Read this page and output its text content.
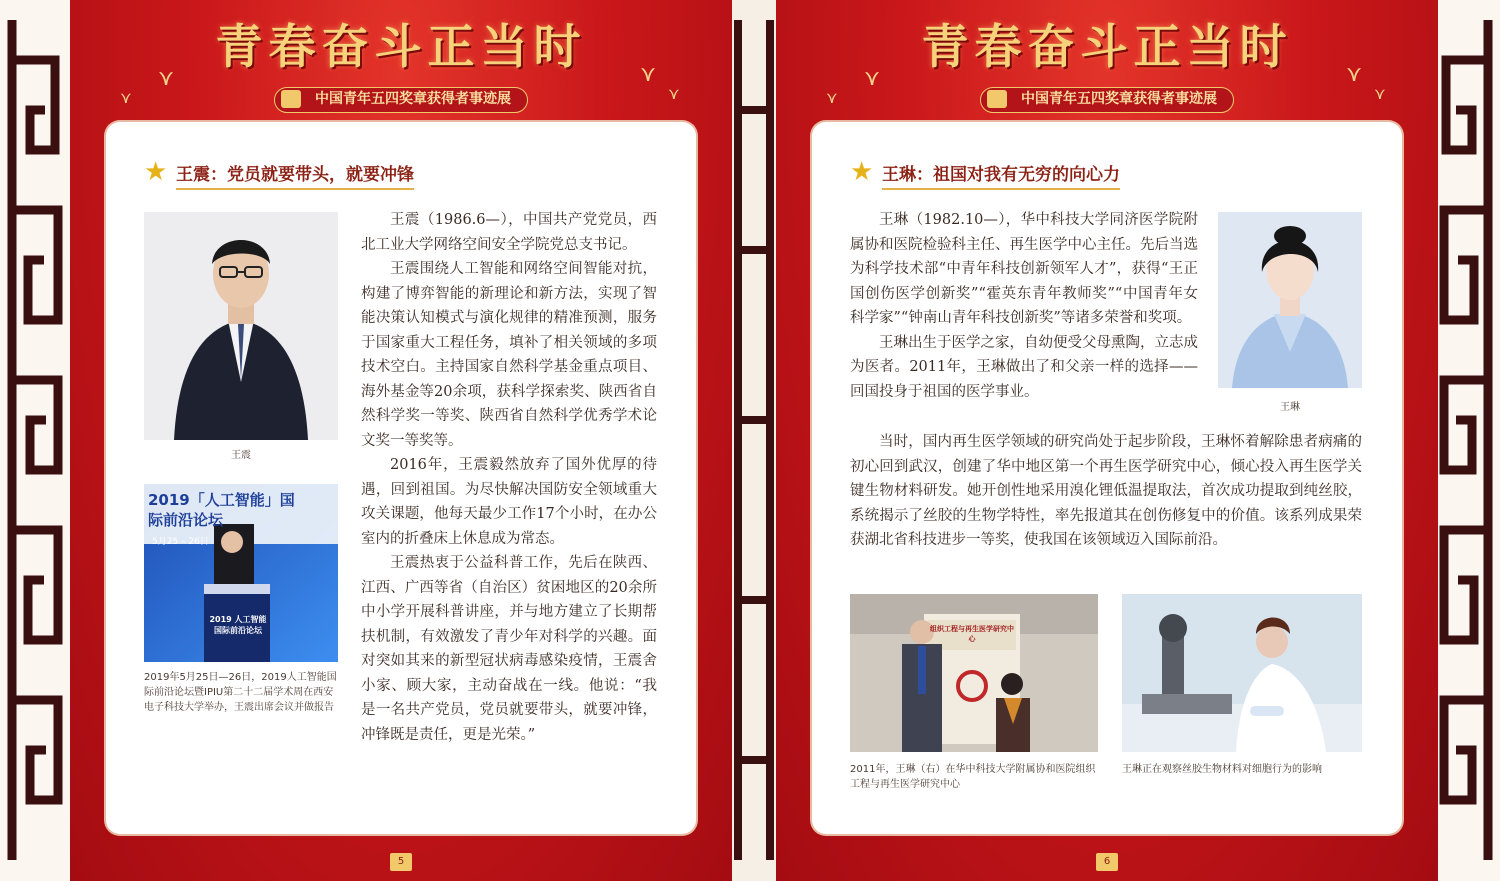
青春奋斗正当时
⋎
⋎
⋎
⋎
中国青年五四奖章获得者事迹展
★ 王震：党员就要带头，就要冲锋
王震
2019「人工智能」国际前沿论坛
5月25 – 26日
2019 人工智能 国际前沿论坛
2019年5月25日—26日，2019人工智能国际前沿论坛暨IPIU第二十二届学术周在西安电子科技大学举办，王震出席会议并做报告

王震（1986.6—），中国共产党党员，西北工业大学网络空间安全学院党总支书记。

王震围绕人工智能和网络空间智能对抗，构建了博弈智能的新理论和新方法，实现了智能决策认知模式与演化规律的精准预测，服务于国家重大工程任务，填补了相关领域的多项技术空白。主持国家自然科学基金重点项目、海外基金等20余项，获科学探索奖、陕西省自然科学奖一等奖、陕西省自然科学优秀学术论文奖一等奖等。

2016年，王震毅然放弃了国外优厚的待遇，回到祖国。为尽快解决国防安全领域重大攻关课题，他每天最少工作17个小时，在办公室内的折叠床上休息成为常态。

王震热衷于公益科普工作，先后在陕西、江西、广西等省（自治区）贫困地区的20余所中小学开展科普讲座，并与地方建立了长期帮扶机制，有效激发了青少年对科学的兴趣。面对突如其来的新型冠状病毒感染疫情，王震舍小家、顾大家，主动奋战在一线。他说：“我是一名共产党员，党员就要带头，就要冲锋，冲锋既是责任，更是光荣。”

5
青春奋斗正当时
⋎
⋎
⋎
⋎
中国青年五四奖章获得者事迹展
★ 王琳：祖国对我有无穷的向心力

王琳（1982.10—），华中科技大学同济医学院附属协和医院检验科主任、再生医学中心主任。先后当选为科学技术部“中青年科技创新领军人才”，获得“王正国创伤医学创新奖”“霍英东青年教师奖”“中国青年女科学家”“钟南山青年科技创新奖”等诸多荣誉和奖项。

王琳出生于医学之家，自幼便受父母熏陶，立志成为医者。2011年，王琳做出了和父亲一样的选择——回国投身于祖国的医学事业。

王琳

当时，国内再生医学领域的研究尚处于起步阶段，王琳怀着解除患者病痛的初心回到武汉，创建了华中地区第一个再生医学研究中心，倾心投入再生医学关键生物材料研发。她开创性地采用溴化锂低温提取法，首次成功提取到纯丝胶，系统揭示了丝胶的生物学特性，率先报道其在创伤修复中的价值。该系列成果荣获湖北省科技进步一等奖，使我国在该领域迈入国际前沿。

组织工程与再生医学研究中心
2011年，王琳（右）在华中科技大学附属协和医院组织工程与再生医学研究中心
王琳正在观察丝胶生物材料对细胞行为的影响
6
